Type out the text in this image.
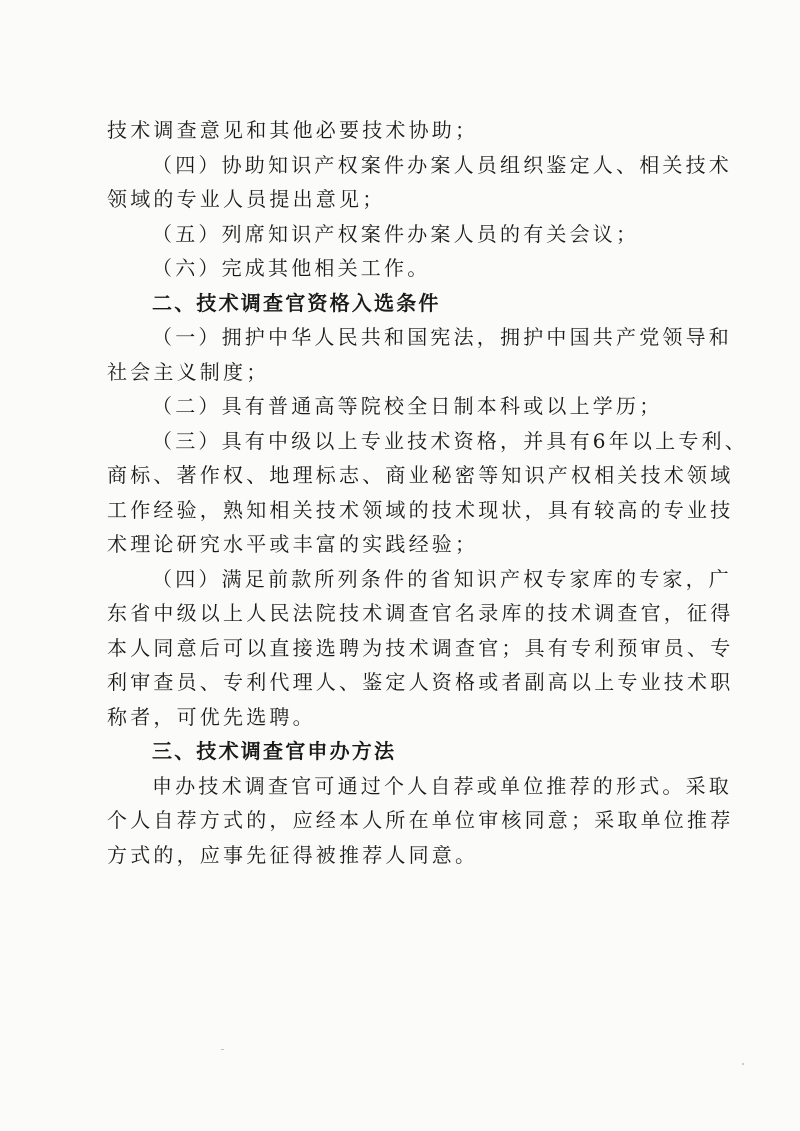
技术调查意见和其他必要技术协助；
（四）协助知识产权案件办案人员组织鉴定人、相关技术
领域的专业人员提出意见；
（五）列席知识产权案件办案人员的有关会议；
（六）完成其他相关工作。
二、技术调查官资格入选条件
（一）拥护中华人民共和国宪法，拥护中国共产党领导和
社会主义制度；
（二）具有普通高等院校全日制本科或以上学历；
（三）具有中级以上专业技术资格，并具有6年以上专利、
商标、著作权、地理标志、商业秘密等知识产权相关技术领域
工作经验，熟知相关技术领域的技术现状，具有较高的专业技
术理论研究水平或丰富的实践经验；
（四）满足前款所列条件的省知识产权专家库的专家，广
东省中级以上人民法院技术调查官名录库的技术调查官，征得
本人同意后可以直接选聘为技术调查官；具有专利预审员、专
利审查员、专利代理人、鉴定人资格或者副高以上专业技术职
称者，可优先选聘。
三、技术调查官申办方法
申办技术调查官可通过个人自荐或单位推荐的形式。采取
个人自荐方式的，应经本人所在单位审核同意；采取单位推荐
方式的，应事先征得被推荐人同意。
